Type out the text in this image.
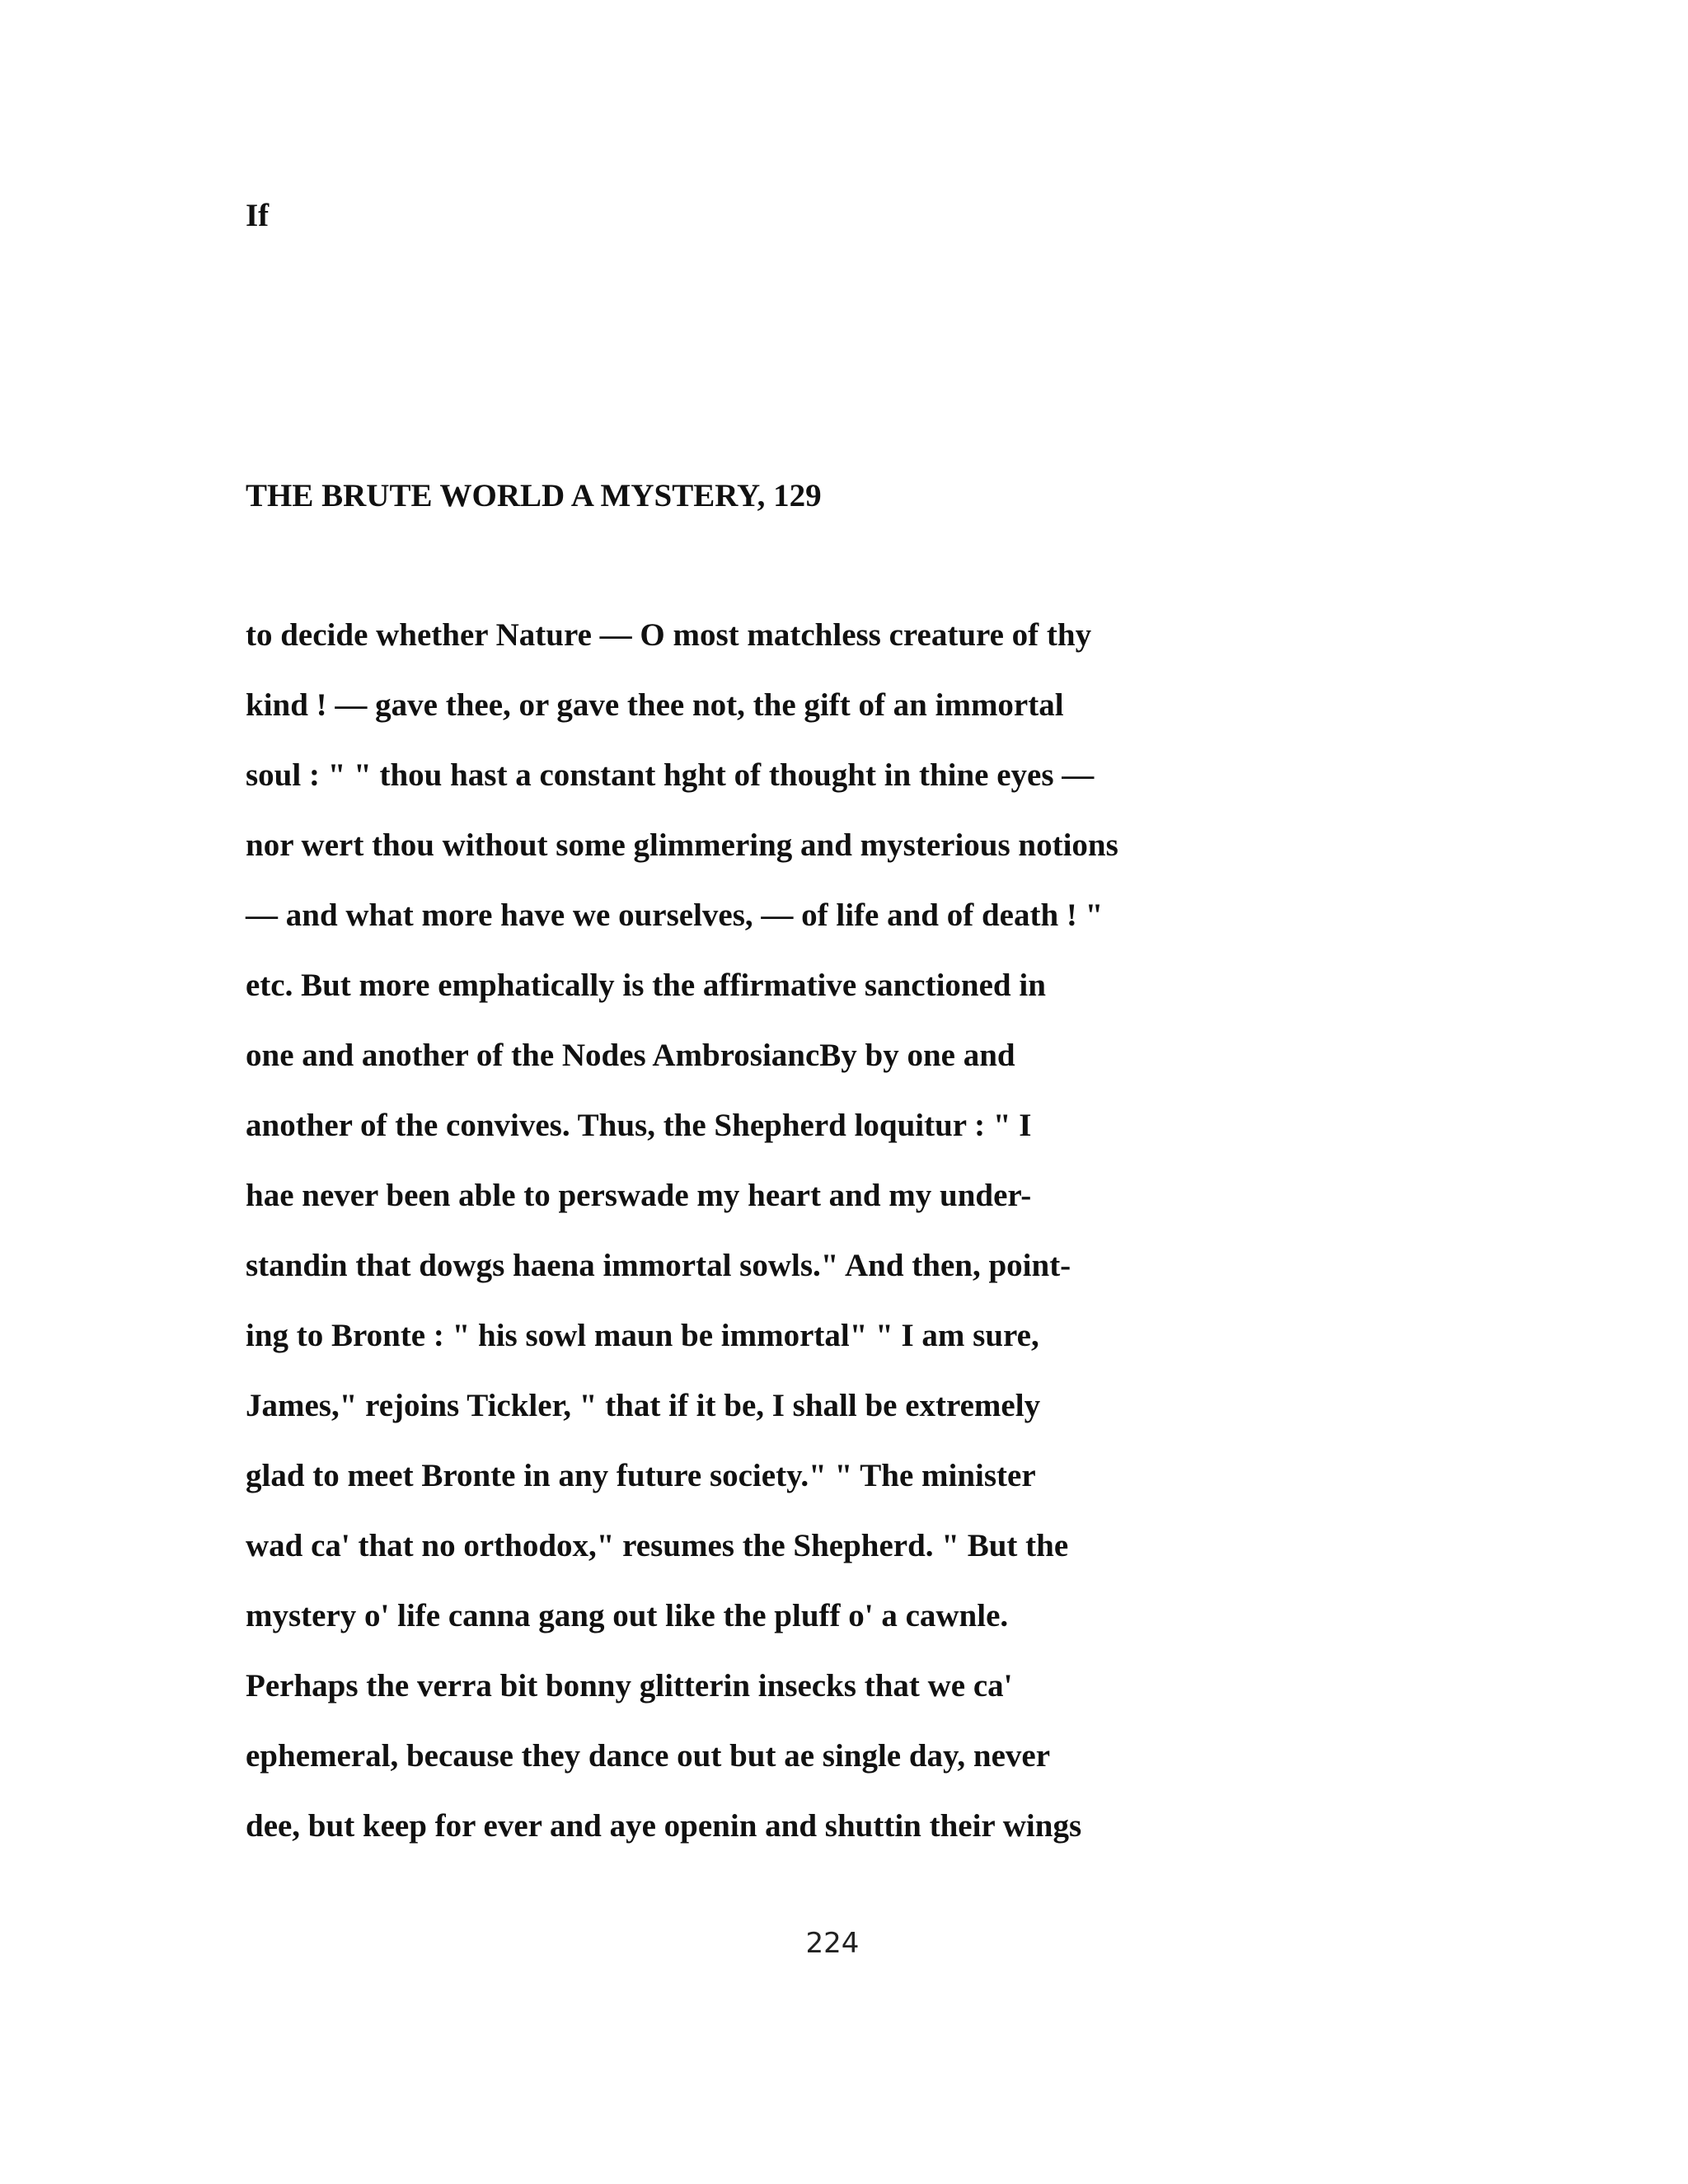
If
THE BRUTE WORLD A MYSTERY, 129
to decide whether Nature — O most matchless creature of thy
kind ! — gave thee, or gave thee not, the gift of an immortal
soul : " " thou hast a constant hght of thought in thine eyes —
nor wert thou without some glimmering and mysterious notions
— and what more have we ourselves, — of life and of death ! "
etc. But more emphatically is the affirmative sanctioned in
one and another of the Nodes AmbrosiancBy by one and
another of the convives. Thus, the Shepherd loquitur : " I
hae never been able to perswade my heart and my under-
standin that dowgs haena immortal sowls." And then, point-
ing to Bronte : " his sowl maun be immortal" " I am sure,
James," rejoins Tickler, " that if it be, I shall be extremely
glad to meet Bronte in any future society." " The minister
wad ca' that no orthodox," resumes the Shepherd. " But the
mystery o' life canna gang out like the pluff o' a cawnle.
Perhaps the verra bit bonny glitterin insecks that we ca'
ephemeral, because they dance out but ae single day, never
dee, but keep for ever and aye openin and shuttin their wings
224
